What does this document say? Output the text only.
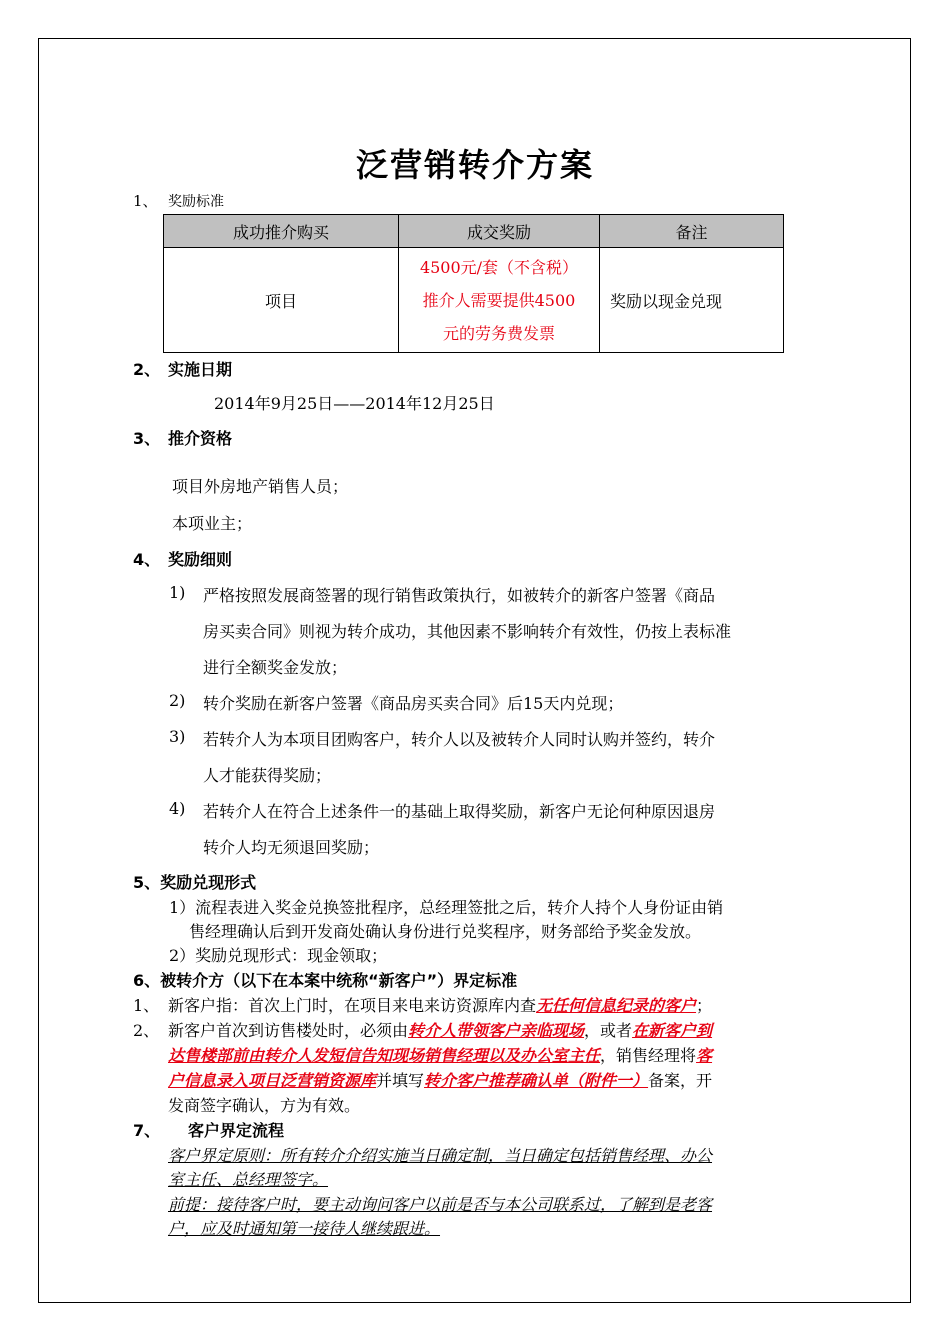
泛营销转介方案
1、 奖励标准
成功推介购买	成交奖励	备注
项目	4500元/套（不含税）
推介人需要提供4500
元的劳务费发票	奖励以现金兑现
2、 实施日期
2014年9月25日——2014年12月25日
3、 推介资格
项目外房地产销售人员；
本项业主；
4、 奖励细则
1) 严格按照发展商签署的现行销售政策执行，如被转介的新客户签署《商品
房买卖合同》则视为转介成功，其他因素不影响转介有效性，仍按上表标准
进行全额奖金发放；
2) 转介奖励在新客户签署《商品房买卖合同》后15天内兑现；
3) 若转介人为本项目团购客户，转介人以及被转介人同时认购并签约，转介
人才能获得奖励；
4) 若转介人在符合上述条件一的基础上取得奖励，新客户无论何种原因退房
转介人均无须退回奖励；
5、奖励兑现形式
1）流程表进入奖金兑换签批程序，总经理签批之后，转介人持个人身份证由销
售经理确认后到开发商处确认身份进行兑奖程序，财务部给予奖金发放。
2）奖励兑现形式：现金领取；
6、被转介方（以下在本案中统称“新客户”）界定标准
1、 新客户指：首次上门时，在项目来电来访资源库内查无任何信息纪录的客户；
2、 新客户首次到访售楼处时，必须由转介人带领客户亲临现场，或者在新客户到
达售楼部前由转介人发短信告知现场销售经理以及办公室主任，销售经理将客
户信息录入项目泛营销资源库并填写转介客户推荐确认单（附件一）备案，开
发商签字确认，方为有效。
7、 客户界定流程
客户界定原则：所有转介介绍实施当日确定制，当日确定包括销售经理、办公
室主任、总经理签字。
前提：接待客户时，要主动询问客户以前是否与本公司联系过，了解到是老客
户，应及时通知第一接待人继续跟进。
